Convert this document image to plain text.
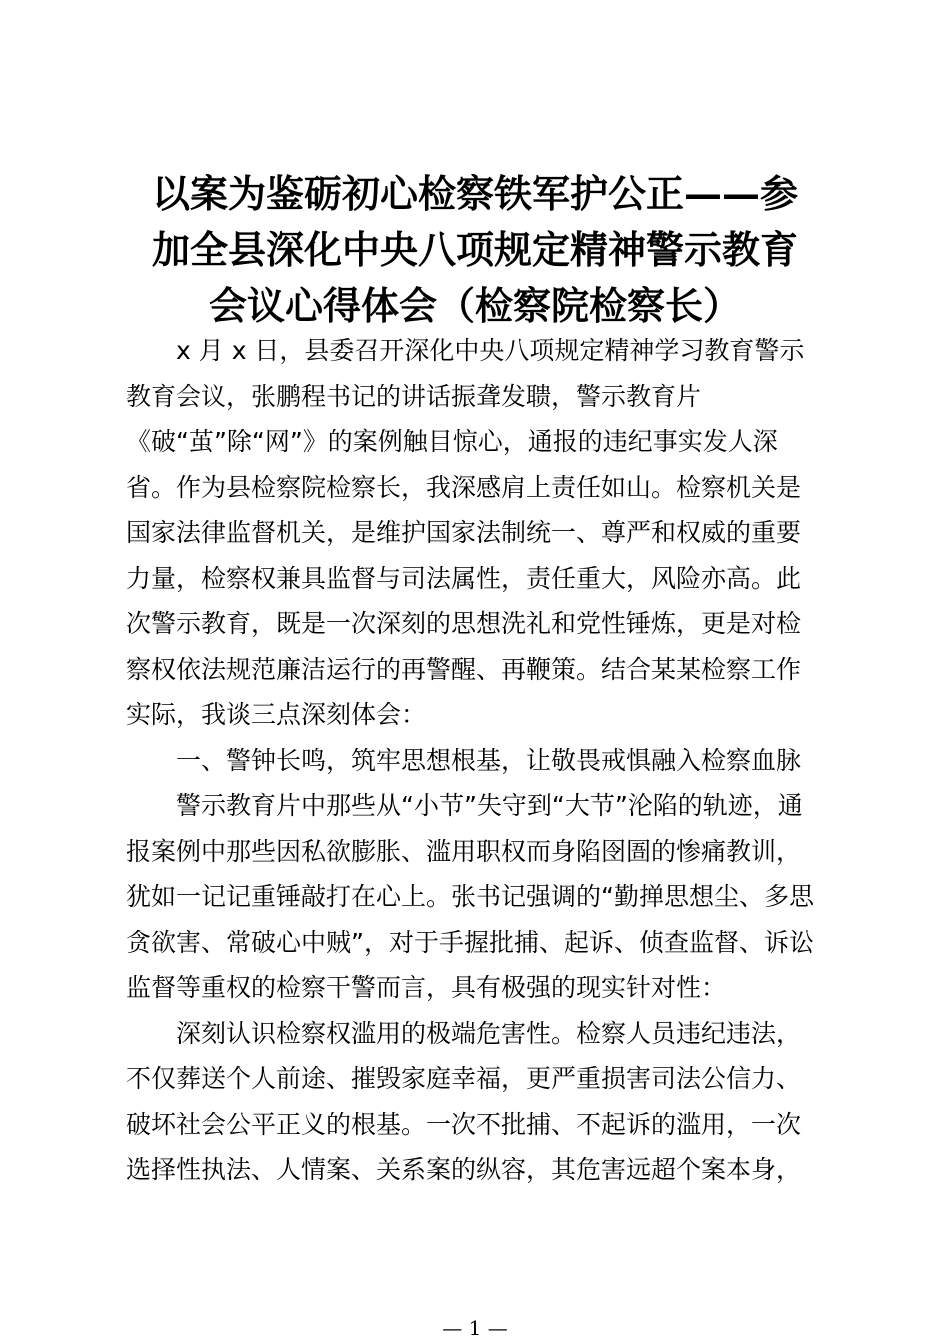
以案为鉴砺初心检察铁军护公正——参
加全县深化中央八项规定精神警示教育
会议心得体会（检察院检察长）
x 月 x 日，县委召开深化中央八项规定精神学习教育警示
教育会议，张鹏程书记的讲话振聋发聩，警示教育片
《破“茧”除“网”》的案例触目惊心，通报的违纪事实发人深
省。作为县检察院检察长，我深感肩上责任如山。检察机关是
国家法律监督机关，是维护国家法制统一、尊严和权威的重要
力量，检察权兼具监督与司法属性，责任重大，风险亦高。此
次警示教育，既是一次深刻的思想洗礼和党性锤炼，更是对检
察权依法规范廉洁运行的再警醒、再鞭策。结合某某检察工作
实际，我谈三点深刻体会：
一、警钟长鸣，筑牢思想根基，让敬畏戒惧融入检察血脉
警示教育片中那些从“小节”失守到“大节”沦陷的轨迹，通
报案例中那些因私欲膨胀、滥用职权而身陷囹圄的惨痛教训，
犹如一记记重锤敲打在心上。张书记强调的“勤掸思想尘、多思
贪欲害、常破心中贼”，对于手握批捕、起诉、侦查监督、诉讼
监督等重权的检察干警而言，具有极强的现实针对性：
深刻认识检察权滥用的极端危害性。检察人员违纪违法，
不仅葬送个人前途、摧毁家庭幸福，更严重损害司法公信力、
破坏社会公平正义的根基。一次不批捕、不起诉的滥用，一次
选择性执法、人情案、关系案的纵容，其危害远超个案本身，
— 1 —
